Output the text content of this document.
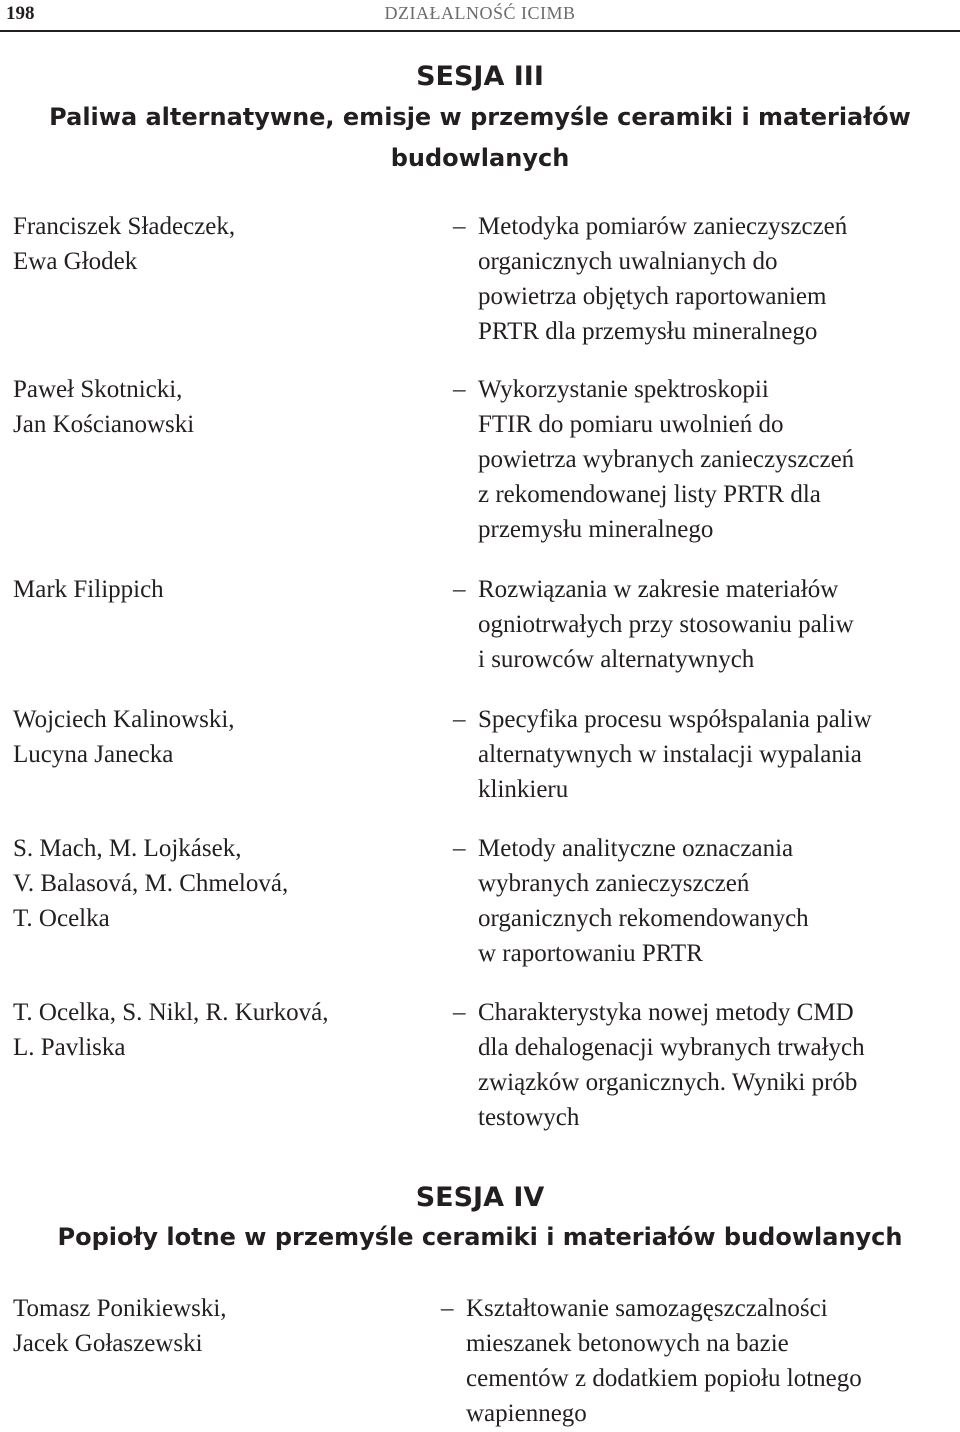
198	DZIAŁALNOŚĆ ICIMB
SESJA III
Paliwa alternatywne, emisje w przemyśle ceramiki i materiałów
budowlanych
Franciszek Sładeczek,
Ewa Głodek
– Metodyka pomiarów zanieczyszczeń
organicznych uwalnianych do
powietrza objętych raportowaniem
PRTR dla przemysłu mineralnego
Paweł Skotnicki,
Jan Kościanowski
– Wykorzystanie spektroskopii
FTIR do pomiaru uwolnień do
powietrza wybranych zanieczyszczeń
z rekomendowanej listy PRTR dla
przemysłu mineralnego
Mark Filippich	– Rozwiązania w zakresie materiałów
ogniotrwałych przy stosowaniu paliw
i surowców alternatywnych
Wojciech Kalinowski,
Lucyna Janecka
– Specyfika procesu współspalania paliw
alternatywnych w instalacji wypalania
klinkieru
S. Mach, M. Lojkásek,
V. Balasová, M. Chmelová,
T. Ocelka
– Metody analityczne oznaczania
wybranych zanieczyszczeń
organicznych rekomendowanych
w raportowaniu PRTR
T. Ocelka, S. Nikl, R. Kurková,
L. Pavliska
– Charakterystyka nowej metody CMD
dla dehalogenacji wybranych trwałych
związków organicznych. Wyniki prób
testowych
SESJA IV
Popioły lotne w przemyśle ceramiki i materiałów budowlanych
Tomasz Ponikiewski,
Jacek Gołaszewski
– Kształtowanie samozagęszczalności
mieszanek betonowych na bazie
cementów z dodatkiem popiołu lotnego
wapiennego
